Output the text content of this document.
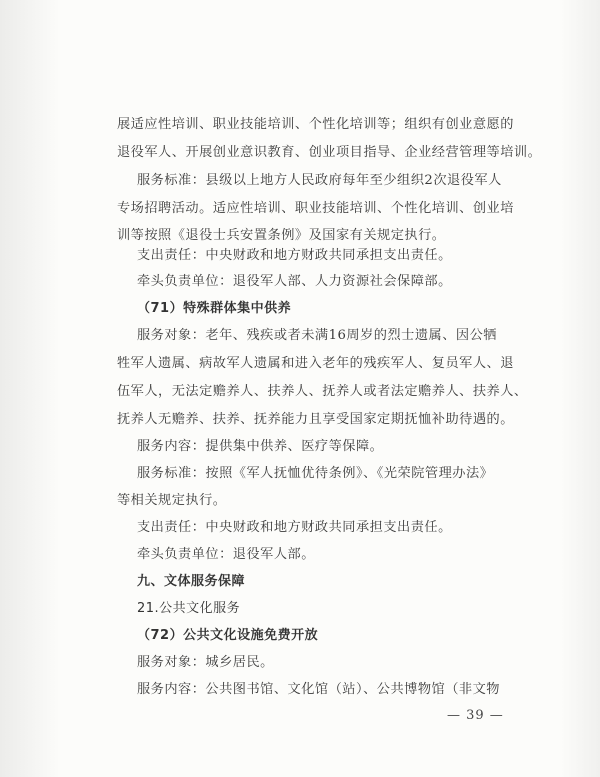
展适应性培训、职业技能培训、个性化培训等；组织有创业意愿的
退役军人、开展创业意识教育、创业项目指导、企业经营管理等培训。
服务标准：县级以上地方人民政府每年至少组织2次退役军人
专场招聘活动。适应性培训、职业技能培训、个性化培训、创业培
训等按照《退役士兵安置条例》及国家有关规定执行。
支出责任：中央财政和地方财政共同承担支出责任。
牵头负责单位：退役军人部、人力资源社会保障部。
（71）特殊群体集中供养
服务对象：老年、残疾或者未满16周岁的烈士遗属、因公牺
牲军人遗属、病故军人遗属和进入老年的残疾军人、复员军人、退
伍军人，无法定赡养人、扶养人、抚养人或者法定赡养人、扶养人、
抚养人无赡养、扶养、抚养能力且享受国家定期抚恤补助待遇的。
服务内容：提供集中供养、医疗等保障。
服务标准：按照《军人抚恤优待条例》、《光荣院管理办法》
等相关规定执行。
支出责任：中央财政和地方财政共同承担支出责任。
牵头负责单位：退役军人部。
九、文体服务保障
21.公共文化服务
（72）公共文化设施免费开放
服务对象：城乡居民。
服务内容：公共图书馆、文化馆（站）、公共博物馆（非文物
— 39 —
